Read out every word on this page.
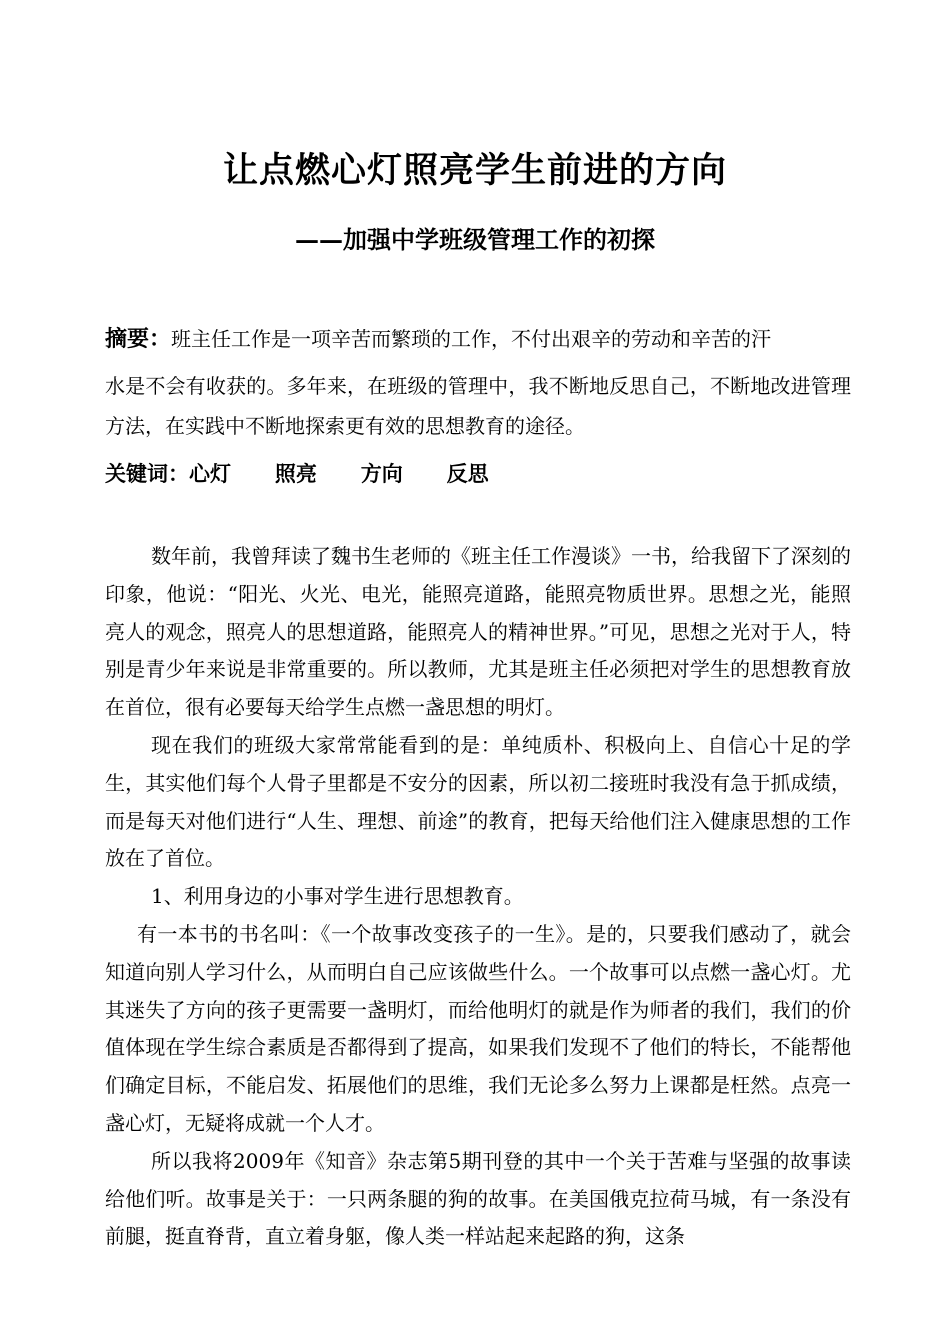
让点燃心灯照亮学生前进的方向
——加强中学班级管理工作的初探

摘要：班主任工作是一项辛苦而繁琐的工作，不付出艰辛的劳动和辛苦的汗
水是不会有收获的。多年来，在班级的管理中，我不断地反思自己，不断地改进管理方法，在实践中不断地探索更有效的思想教育的途径。

关键词：心灯 照亮 方向 反思

数年前，我曾拜读了魏书生老师的《班主任工作漫谈》一书，给我留下了深刻的印象，他说：“阳光、火光、电光，能照亮道路，能照亮物质世界。思想之光，能照亮人的观念，照亮人的思想道路，能照亮人的精神世界。”可见，思想之光对于人，特别是青少年来说是非常重要的。所以教师，尤其是班主任必须把对学生的思想教育放在首位，很有必要每天给学生点燃一盏思想的明灯。

现在我们的班级大家常常能看到的是：单纯质朴、积极向上、自信心十足的学生，其实他们每个人骨子里都是不安分的因素，所以初二接班时我没有急于抓成绩，而是每天对他们进行“人生、理想、前途”的教育，把每天给他们注入健康思想的工作放在了首位。

1、利用身边的小事对学生进行思想教育。

有一本书的书名叫：《一个故事改变孩子的一生》。是的，只要我们感动了，就会知道向别人学习什么，从而明白自己应该做些什么。一个故事可以点燃一盏心灯。尤其迷失了方向的孩子更需要一盏明灯，而给他明灯的就是作为师者的我们，我们的价值体现在学生综合素质是否都得到了提高，如果我们发现不了他们的特长，不能帮他们确定目标，不能启发、拓展他们的思维，我们无论多么努力上课都是枉然。点亮一盏心灯，无疑将成就一个人才。

所以我将2009年《知音》杂志第5期刊登的其中一个关于苦难与坚强的故事读给他们听。故事是关于：一只两条腿的狗的故事。在美国俄克拉荷马城，有一条没有前腿，挺直脊背，直立着身躯，像人类一样站起来起路的狗，这条
